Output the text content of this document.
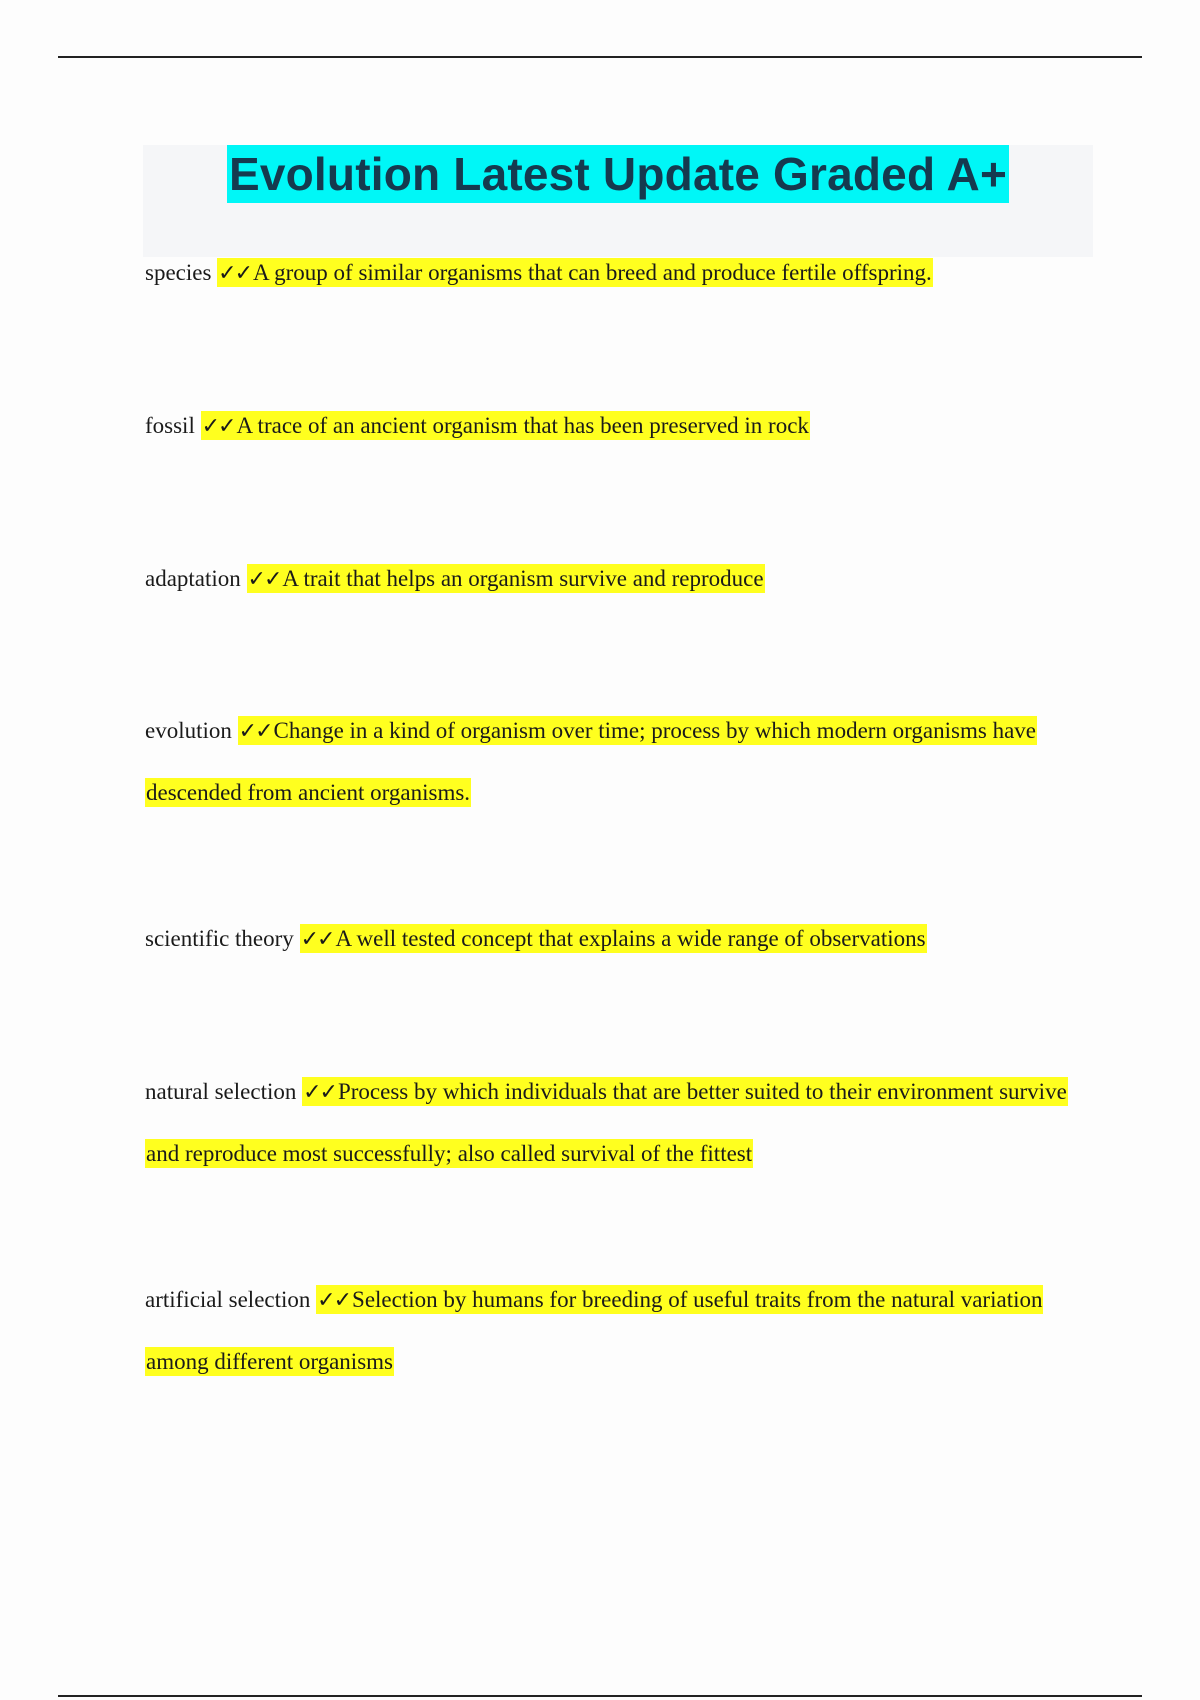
Evolution Latest Update Graded A+
species ✓✓A group of similar organisms that can breed and produce fertile offspring.
fossil ✓✓A trace of an ancient organism that has been preserved in rock
adaptation ✓✓A trait that helps an organism survive and reproduce
evolution ✓✓Change in a kind of organism over time; process by which modern organisms have descended from ancient organisms.
scientific theory ✓✓A well tested concept that explains a wide range of observations
natural selection ✓✓Process by which individuals that are better suited to their environment survive and reproduce most successfully; also called survival of the fittest
artificial selection ✓✓Selection by humans for breeding of useful traits from the natural variation among different organisms
